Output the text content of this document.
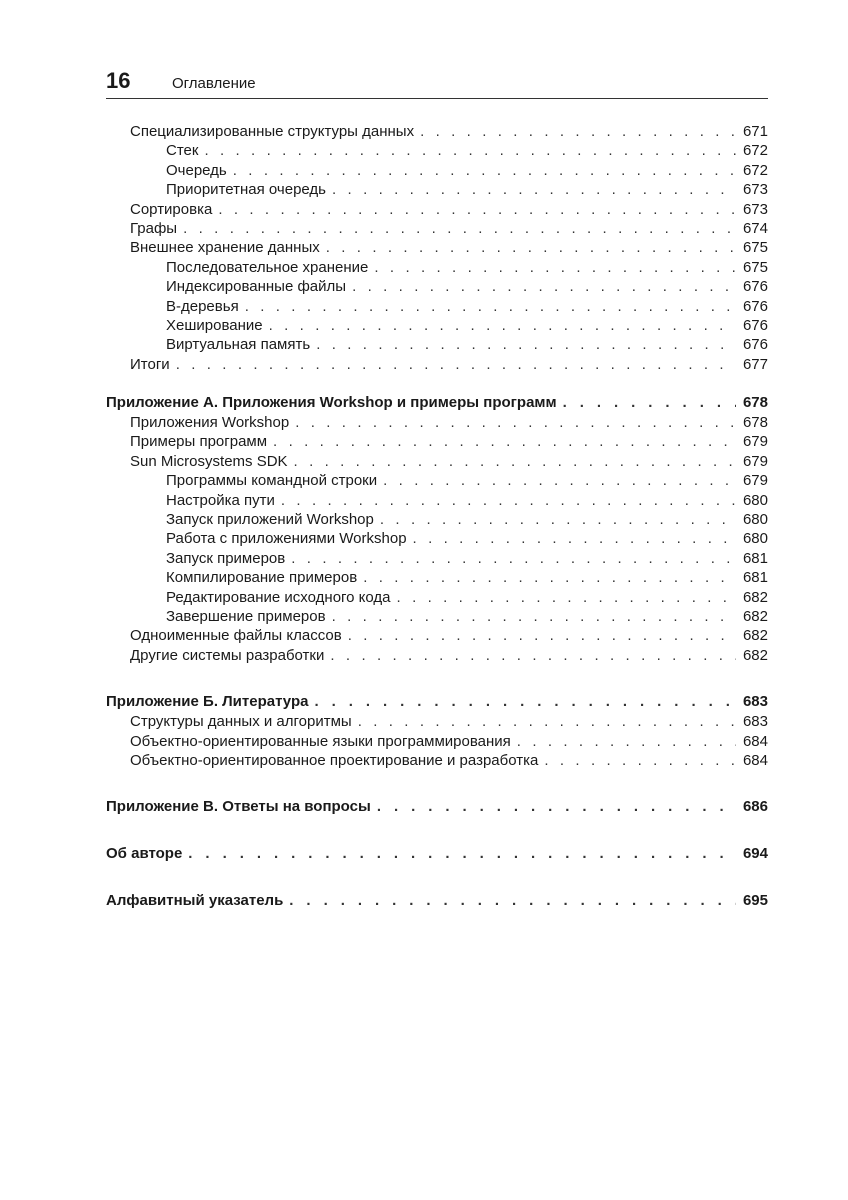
16	Оглавление
Специализированные структуры данных . . .	671
Стек . . .	672
Очередь . . .	672
Приоритетная очередь . . .	673
Сортировка . . .	673
Графы . . .	674
Внешнее хранение данных . . .	675
Последовательное хранение . . .	675
Индексированные файлы . . .	676
В-деревья . . .	676
Хеширование . . .	676
Виртуальная память . . .	676
Итоги . . .	677
Приложение А. Приложения Workshop и примеры программ . . .	678
Приложения Workshop . . .	678
Примеры программ . . .	679
Sun Microsystems SDK . . .	679
Программы командной строки . . .	679
Настройка пути . . .	680
Запуск приложений Workshop . . .	680
Работа с приложениями Workshop . . .	680
Запуск примеров . . .	681
Компилирование примеров . . .	681
Редактирование исходного кода . . .	682
Завершение примеров . . .	682
Одноименные файлы классов . . .	682
Другие системы разработки . . .	682
Приложение Б. Литература . . .	683
Структуры данных и алгоритмы . . .	683
Объектно-ориентированные языки программирования . . .	684
Объектно-ориентированное проектирование и разработка . . .	684
Приложение В. Ответы на вопросы . . .	686
Об авторе . . .	694
Алфавитный указатель . . .	695
